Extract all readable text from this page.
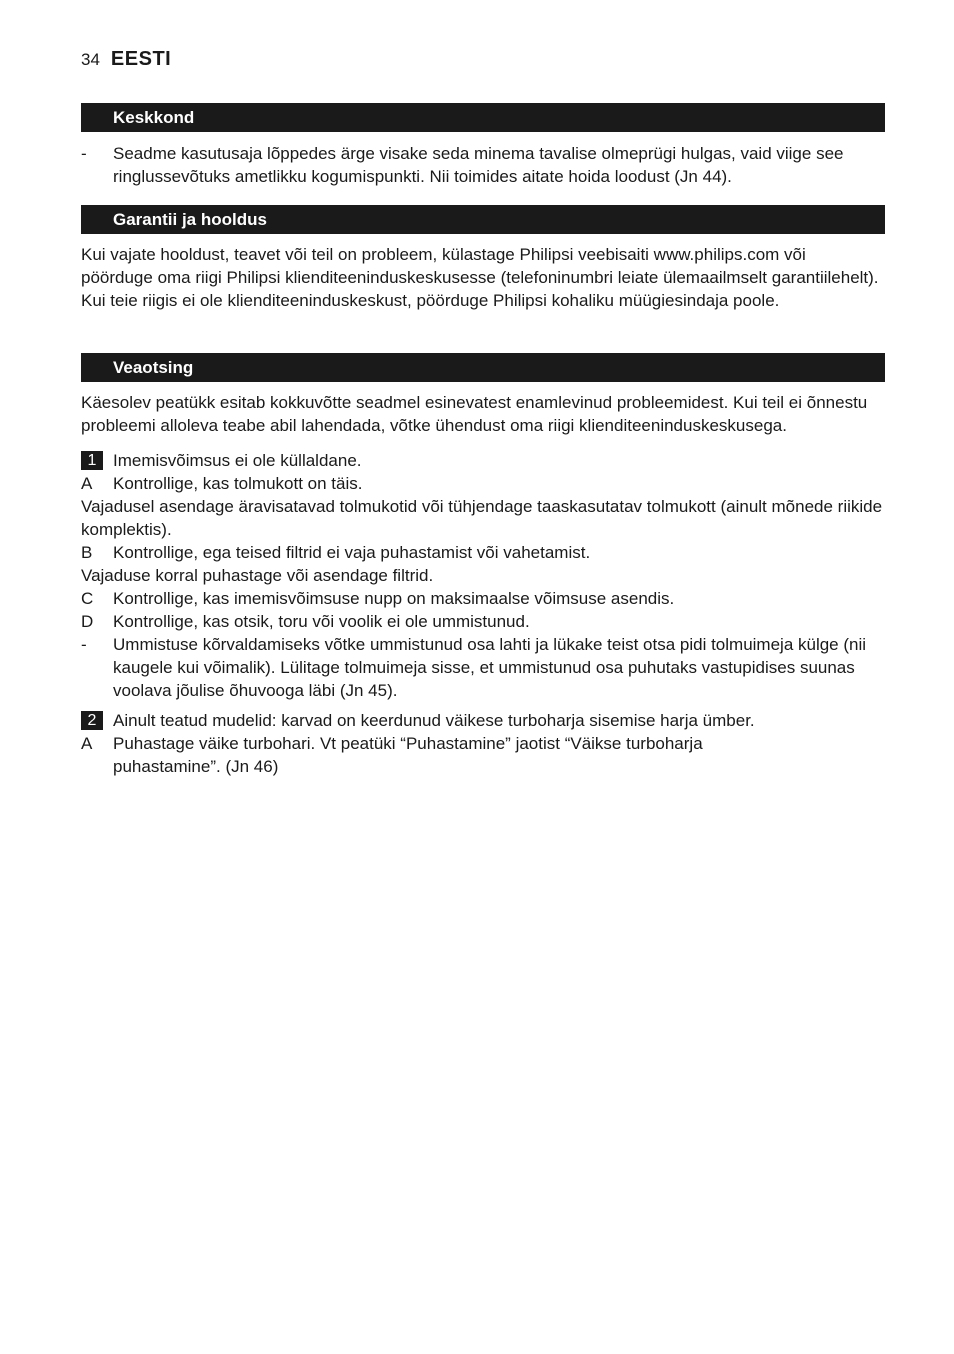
34 EESTI
Keskkond
-	Seadme kasutusaja lõppedes ärge visake seda minema tavalise olmeprügi hulgas, vaid viige see ringlussevõtuks ametlikku kogumispunkti. Nii toimides aitate hoida loodust (Jn 44).
Garantii ja hooldus
Kui vajate hooldust, teavet või teil on probleem, külastage Philipsi veebisaiti www.philips.com või pöörduge oma riigi Philipsi klienditeeninduskeskusesse (telefoninumbri leiate ülemaailmselt garantiilehelt). Kui teie riigis ei ole klienditeeninduskeskust, pöörduge Philipsi kohaliku müügiesindaja poole.
Veaotsing
Käesolev peatükk esitab kokkuvõtte seadmel esinevatest enamlevinud probleemidest. Kui teil ei õnnestu probleemi alloleva teabe abil lahendada, võtke ühendust oma riigi klienditeeninduskeskusega.
1 Imemisvõimsus ei ole küllaldane.
A	Kontrollige, kas tolmukott on täis.
Vajadusel asendage äravisatavad tolmukotid või tühjendage taaskasutatav tolmukott (ainult mõnede riikide komplektis).
B	Kontrollige, ega teised filtrid ei vaja puhastamist või vahetamist.
Vajaduse korral puhastage või asendage filtrid.
C	Kontrollige, kas imemisvõimsuse nupp on maksimaalse võimsuse asendis.
D	Kontrollige, kas otsik, toru või voolik ei ole ummistunud.
-	Ummistuse kõrvaldamiseks võtke ummistunud osa lahti ja lükake teist otsa pidi tolmuimeja külge (nii kaugele kui võimalik). Lülitage tolmuimeja sisse, et ummistunud osa puhutaks vastupidises suunas voolava jõulise õhuvooga läbi (Jn 45).
2 Ainult teatud mudelid: karvad on keerdunud väikese turboharja sisemise harja ümber.
A	Puhastage väike turbohari. Vt peatüki “Puhastamine” jaotist “Väikse turboharja puhastamine”. (Jn 46)
